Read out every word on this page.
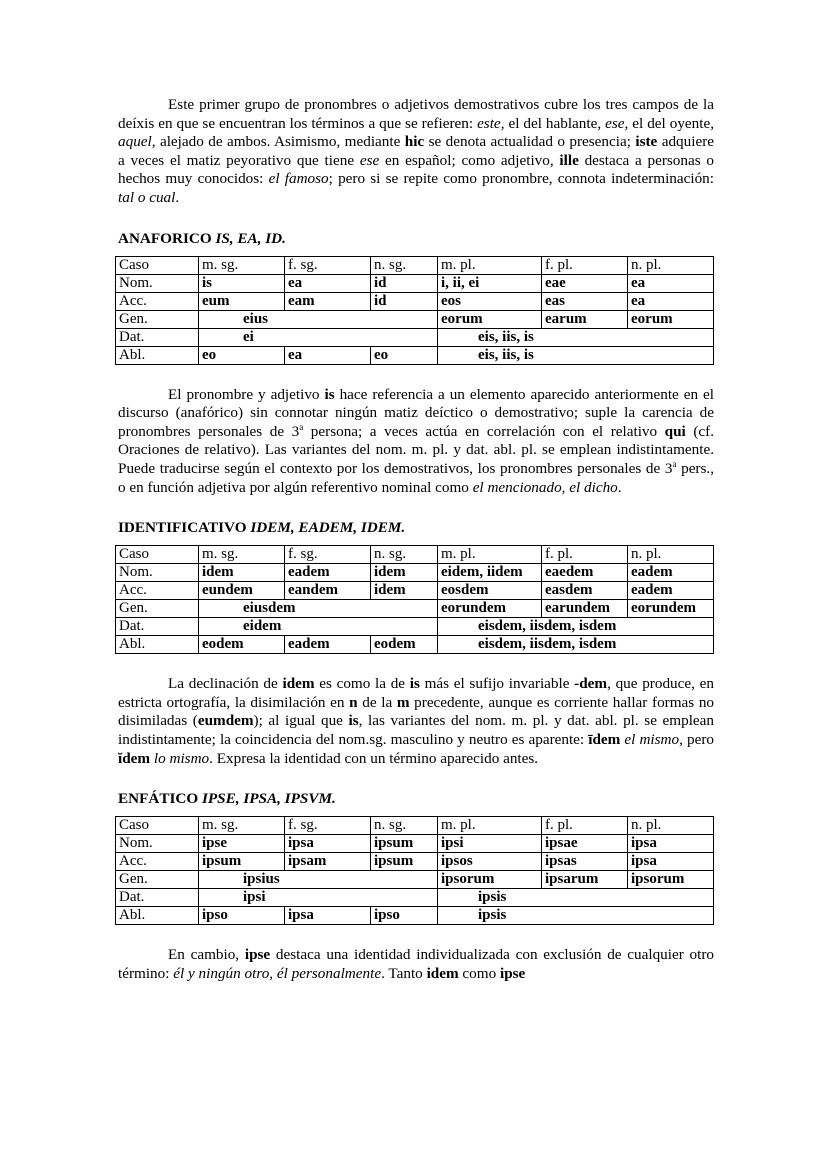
Este primer grupo de pronombres o adjetivos demostrativos cubre los tres campos de la deíxis en que se encuentran los términos a que se refieren: este, el del hablante, ese, el del oyente, aquel, alejado de ambos. Asimismo, mediante hic se denota actualidad o presencia; iste adquiere a veces el matiz peyorativo que tiene ese en español; como adjetivo, ille destaca a personas o hechos muy conocidos: el famoso; pero si se repite como pronombre, connota indeterminación: tal o cual.

ANAFORICO IS, EA, ID.
Caso	m. sg.	f. sg.	n. sg.	m. pl.	f. pl.	n. pl.
Nom.	is	ea	id	i, ii, ei	eae	ea
Acc.	eum	eam	id	eos	eas	ea
Gen.	eius			eorum	earum	eorum
Dat.	ei			eis, iis, is		
Abl.	eo	ea	eo	eis, iis, is		

El pronombre y adjetivo is hace referencia a un elemento aparecido anteriormente en el discurso (anafórico) sin connotar ningún matiz deíctico o demostrativo; suple la carencia de pronombres personales de 3$^a$ persona; a veces actúa en correlación con el relativo qui (cf. Oraciones de relativo). Las variantes del nom. m. pl. y dat. abl. pl. se emplean indistintamente. Puede traducirse según el contexto por los demostrativos, los pronombres personales de 3$^a$ pers., o en función adjetiva por algún referentivo nominal como el mencionado, el dicho.

IDENTIFICATIVO IDEM, EADEM, IDEM.
Caso	m. sg.	f. sg.	n. sg.	m. pl.	f. pl.	n. pl.
Nom.	idem	eadem	idem	eidem, iidem	eaedem	eadem
Acc.	eundem	eandem	idem	eosdem	easdem	eadem
Gen.	eiusdem			eorundem	earundem	eorundem
Dat.	eidem			eisdem, iisdem, isdem		
Abl.	eodem	eadem	eodem	eisdem, iisdem, isdem		

La declinación de idem es como la de is más el sufijo invariable -dem, que produce, en estricta ortografía, la disimilación en n de la m precedente, aunque es corriente hallar formas no disimiladas (eumdem); al igual que is, las variantes del nom. m. pl. y dat. abl. pl. se emplean indistintamente; la coincidencia del nom.sg. masculino y neutro es aparente: īdem el mismo, pero ĭdem lo mismo. Expresa la identidad con un término aparecido antes.

ENFÁTICO IPSE, IPSA, IPSVM.
Caso	m. sg.	f. sg.	n. sg.	m. pl.	f. pl.	n. pl.
Nom.	ipse	ipsa	ipsum	ipsi	ipsae	ipsa
Acc.	ipsum	ipsam	ipsum	ipsos	ipsas	ipsa
Gen.	ipsius			ipsorum	ipsarum	ipsorum
Dat.	ipsi			ipsis		
Abl.	ipso	ipsa	ipso	ipsis		

En cambio, ipse destaca una identidad individualizada con exclusión de cualquier otro término: él y ningún otro, él personalmente. Tanto idem como ipse
